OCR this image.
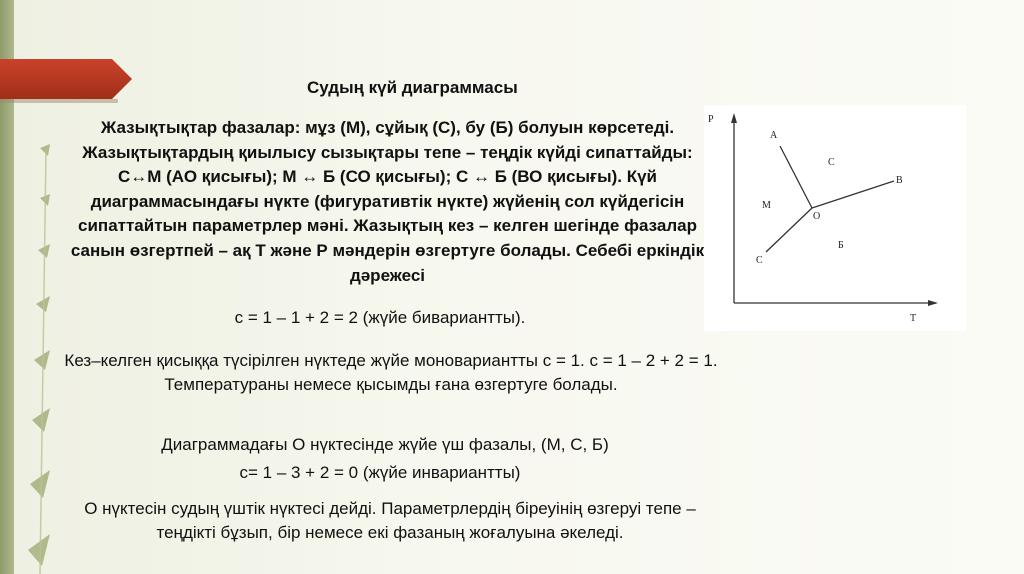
Судың күй диаграммасы
Жазықтықтар фазалар: мұз (М), сұйық (С), бу (Б) болуын көрсетеді. Жазықтықтардың қиылысу сызықтары тепе – теңдік күйді сипаттайды: С↔М (АО қисығы); М ↔ Б (СО қисығы); С ↔ Б (ВО қисығы). Күй диаграммасындағы нүкте (фигуративтік нүкте) жүйенің сол күйдегісін сипаттайтын параметрлер мәні. Жазықтың кез – келген шегінде фазалар санын өзгертпей – ақ Т және Р мәндерін өзгертуге болады. Себебі еркіндік дәрежесі
с = 1 – 1 + 2 = 2 (жүйе бивариантты).
Кез–келген қисыққа түсірілген нүктеде жүйе моновариантты с = 1. с = 1 – 2 + 2 = 1. Температураны немесе қысымды ғана өзгертуге болады.
Диаграммадағы О нүктесінде жүйе үш фазалы, (М, С, Б)
с= 1 – 3 + 2 = 0 (жүйе инвариантты)
О нүктесін судың үштік нүктесі дейді. Параметрлердің біреуінің өзгеруі тепе – теңдікті бұзып, бір немесе екі фазаның жоғалуына әкеледі.
Р
Т
А
В
С
О
М
С
Б
